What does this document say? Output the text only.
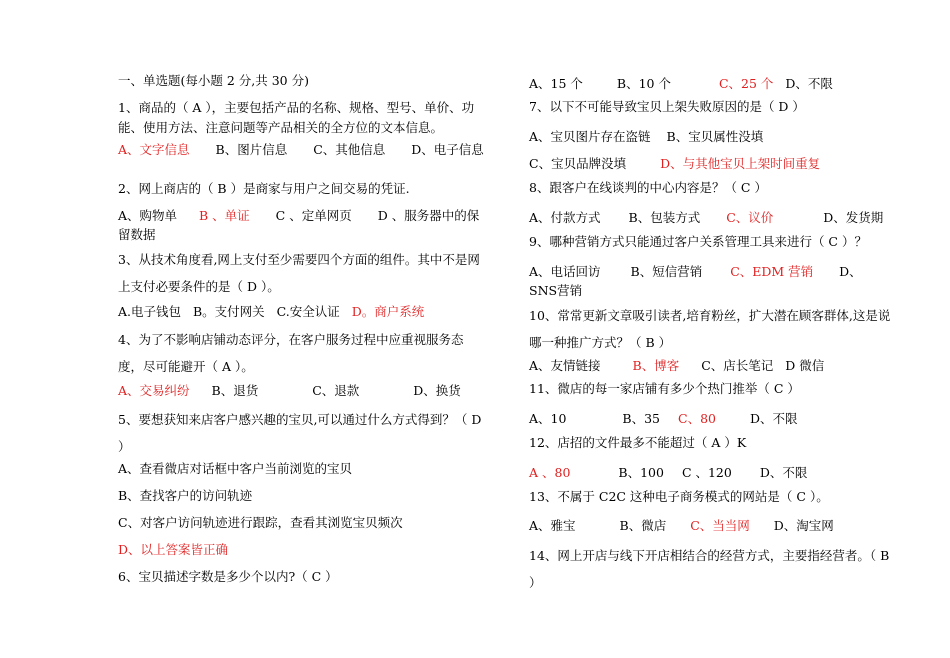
一、单选题(每小题 2 分,共 30 分)
1、商品的（ A ），主要包括产品的名称、规格、型号、单价、功能、使用方法、注意问题等产品相关的全方位的文本信息。
A、文字信息 B、图片信息 C、其他信息 D、电子信息
2、网上商店的（ B ）是商家与用户之间交易的凭证.
A、购物单 B 、单证 C 、定单网页 D 、服务器中的保留数据
3、从技术角度看,网上支付至少需要四个方面的组件。其中不是网上支付必要条件的是（ D ）。
A.电子钱包 B。支付网关 C.安全认证 D。商户系统
4、为了不影响店铺动态评分，在客户服务过程中应重视服务态度，尽可能避开（ A ）。
A、交易纠纷 B、退货	C、退款	D、换货
5、要想获知来店客户感兴趣的宝贝,可以通过什么方式得到？（ D ）
A、查看微店对话框中客户当前浏览的宝贝
B、查找客户的访问轨迹
C、对客户访问轨迹进行跟踪，查看其浏览宝贝频次
D、以上答案皆正确
6、宝贝描述字数是多少个以内?（ C ）
A、15 个	B、10 个	C、25 个 D、不限
7、以下不可能导致宝贝上架失败原因的是（ D ）
A、宝贝图片存在盗链 B、宝贝属性没填
C、宝贝品牌没填	D、与其他宝贝上架时间重复
8、跟客户在线谈判的中心内容是？（ C ）
A、付款方式 B、包装方式 C、议价	D、发货期
9、哪种营销方式只能通过客户关系管理工具来进行（ C ）？
A、电话回访 B、短信营销 C、EDM 营销 D、SNS营销
10、常常更新文章吸引读者,培育粉丝，扩大潜在顾客群体,这是说哪一种推广方式？（ B ）
A、友情链接	B、博客 C、店长笔记 D 微信
11、微店的每一家店铺有多少个热门推举（ C ）
A、10	B、35 C、80	D、不限
12、店招的文件最多不能超过（ A ）K
A 、80	B、100 C 、120 D、不限
13、不属于 C2C 这种电子商务模式的网站是（ C ）。
A、雅宝	B、微店 C、当当网 D、淘宝网
14、网上开店与线下开店相结合的经营方式，主要指经营者。（ B ）
